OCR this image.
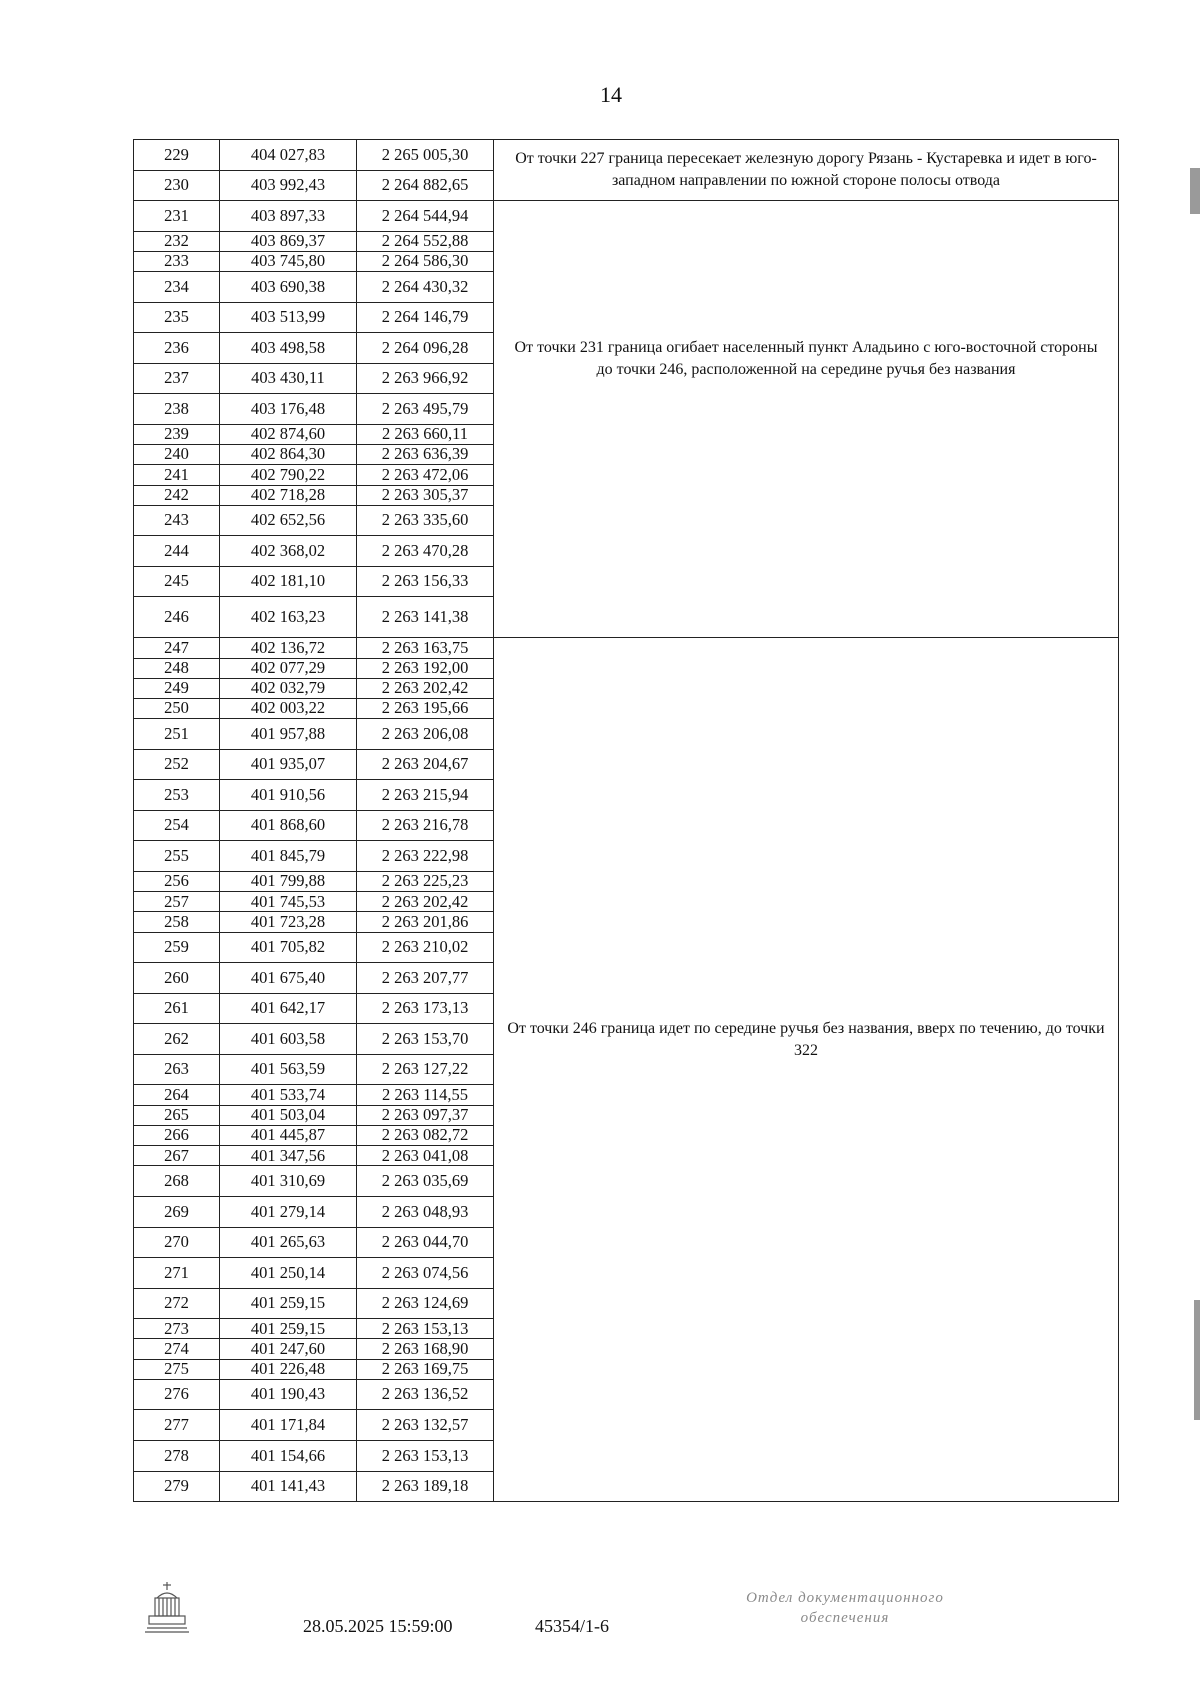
14
229	404 027,83	2 265 005,30	От точки 227 граница пересекает железную дорогу Рязань - Кустаревка и идет в юго-западном направлении по южной стороне полосы отвода
230	403 992,43	2 264 882,65	
231	403 897,33	2 264 544,94	От точки 231 граница огибает населенный пункт Аладьино с юго-восточной стороны до точки 246, расположенной на середине ручья без названия
232	403 869,37	2 264 552,88	
233	403 745,80	2 264 586,30	
234	403 690,38	2 264 430,32	
235	403 513,99	2 264 146,79	
236	403 498,58	2 264 096,28	
237	403 430,11	2 263 966,92	
238	403 176,48	2 263 495,79	
239	402 874,60	2 263 660,11	
240	402 864,30	2 263 636,39	
241	402 790,22	2 263 472,06	
242	402 718,28	2 263 305,37	
243	402 652,56	2 263 335,60	
244	402 368,02	2 263 470,28	
245	402 181,10	2 263 156,33	
246	402 163,23	2 263 141,38	
247	402 136,72	2 263 163,75	От точки 246 граница идет по середине ручья без названия, вверх по течению, до точки 322
248	402 077,29	2 263 192,00	
249	402 032,79	2 263 202,42	
250	402 003,22	2 263 195,66	
251	401 957,88	2 263 206,08	
252	401 935,07	2 263 204,67	
253	401 910,56	2 263 215,94	
254	401 868,60	2 263 216,78	
255	401 845,79	2 263 222,98	
256	401 799,88	2 263 225,23	
257	401 745,53	2 263 202,42	
258	401 723,28	2 263 201,86	
259	401 705,82	2 263 210,02	
260	401 675,40	2 263 207,77	
261	401 642,17	2 263 173,13	
262	401 603,58	2 263 153,70	
263	401 563,59	2 263 127,22	
264	401 533,74	2 263 114,55	
265	401 503,04	2 263 097,37	
266	401 445,87	2 263 082,72	
267	401 347,56	2 263 041,08	
268	401 310,69	2 263 035,69	
269	401 279,14	2 263 048,93	
270	401 265,63	2 263 044,70	
271	401 250,14	2 263 074,56	
272	401 259,15	2 263 124,69	
273	401 259,15	2 263 153,13	
274	401 247,60	2 263 168,90	
275	401 226,48	2 263 169,75	
276	401 190,43	2 263 136,52	
277	401 171,84	2 263 132,57	
278	401 154,66	2 263 153,13	
279	401 141,43	2 263 189,18	
28.05.2025 15:59:00	45354/1-6
Отдел документационного
обеспечения
